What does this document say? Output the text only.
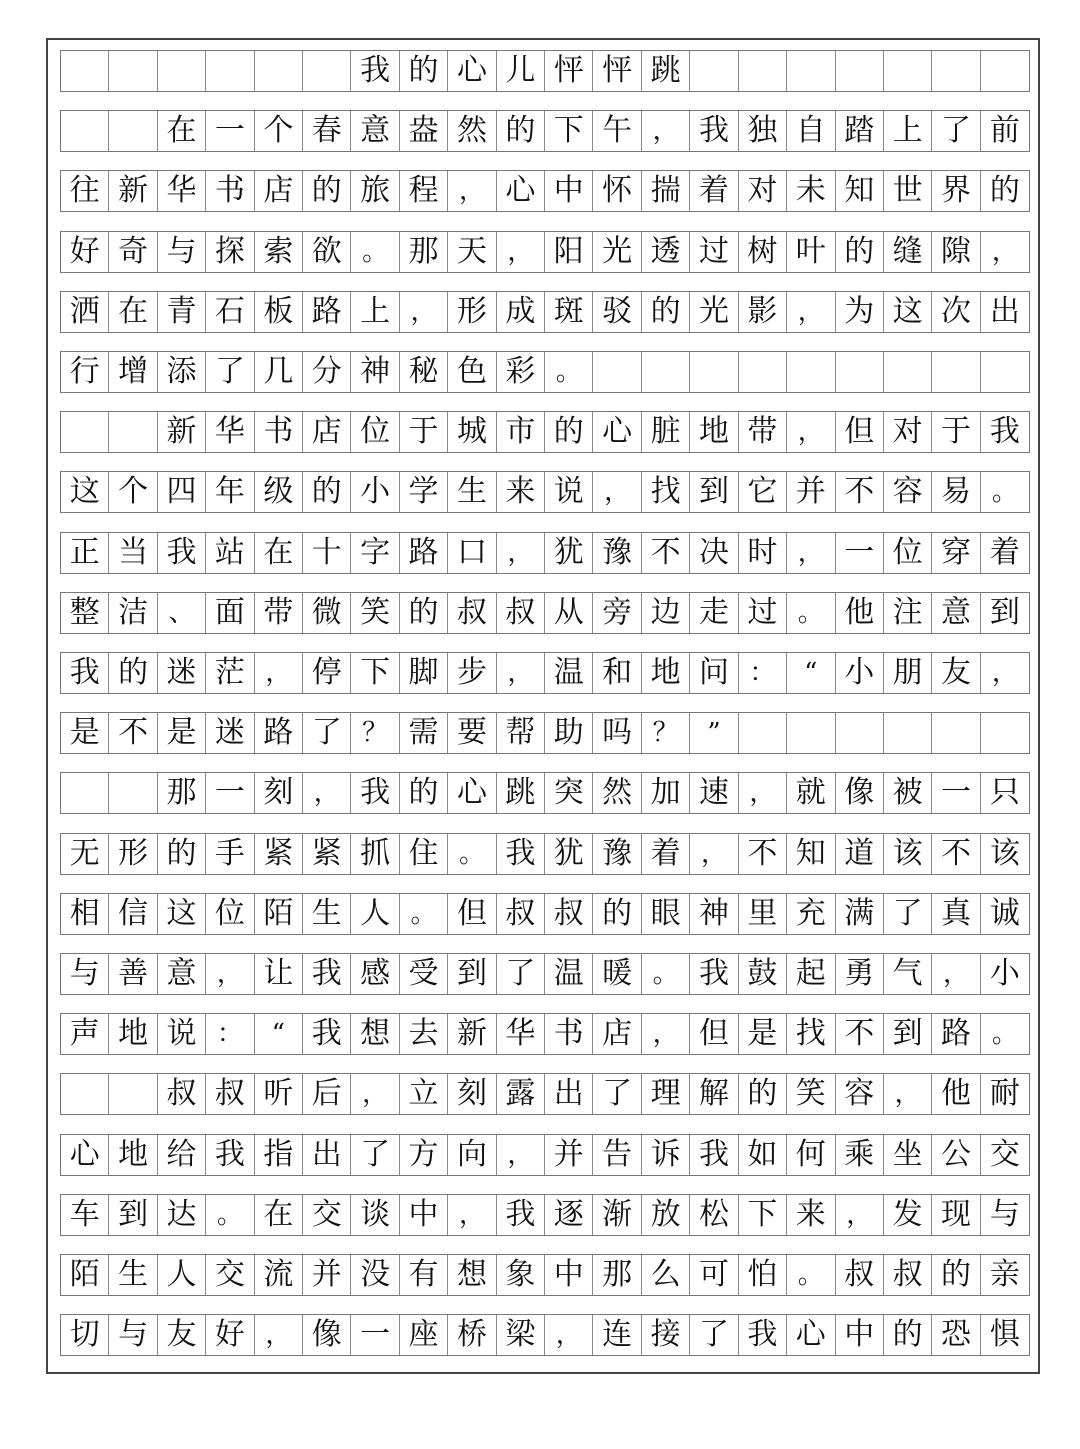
我 的 心 儿 怦 怦 跳
在 一 个 春 意 盎 然 的 下 午 ， 我 独 自 踏 上 了 前
往 新 华 书 店 的 旅 程 ， 心 中 怀 揣 着 对 未 知 世 界 的
好 奇 与 探 索 欲 。 那 天 ， 阳 光 透 过 树 叶 的 缝 隙 ，
洒 在 青 石 板 路 上 ， 形 成 斑 驳 的 光 影 ， 为 这 次 出
行 增 添 了 几 分 神 秘 色 彩 。
新 华 书 店 位 于 城 市 的 心 脏 地 带 ， 但 对 于 我
这 个 四 年 级 的 小 学 生 来 说 ， 找 到 它 并 不 容 易 。
正 当 我 站 在 十 字 路 口 ， 犹 豫 不 决 时 ， 一 位 穿 着
整 洁 、 面 带 微 笑 的 叔 叔 从 旁 边 走 过 。 他 注 意 到
我 的 迷 茫 ， 停 下 脚 步 ， 温 和 地 问 ：	“ 小 朋 友 ，
是 不 是 迷 路 了 ？ 需 要 帮 助 吗 ？	”
那 一 刻 ， 我 的 心 跳 突 然 加 速 ， 就 像 被 一 只
无 形 的 手 紧 紧 抓 住 。 我 犹 豫 着 ， 不 知 道 该 不 该
相 信 这 位 陌 生 人 。 但 叔 叔 的 眼 神 里 充 满 了 真 诚
与 善 意 ， 让 我 感 受 到 了 温 暖 。 我 鼓 起 勇 气 ， 小
声 地 说 ：	“ 我 想 去 新 华 书 店 ， 但 是 找 不 到 路 。
叔 叔 听 后 ， 立 刻 露 出 了 理 解 的 笑 容 ， 他 耐
心 地 给 我 指 出 了 方 向 ， 并 告 诉 我 如 何 乘 坐 公 交
车 到 达 。 在 交 谈 中 ， 我 逐 渐 放 松 下 来 ， 发 现 与
陌 生 人 交 流 并 没 有 想 象 中 那 么 可 怕 。 叔 叔 的 亲
切 与 友 好 ， 像 一 座 桥 梁 ， 连 接 了 我 心 中 的 恐 惧
